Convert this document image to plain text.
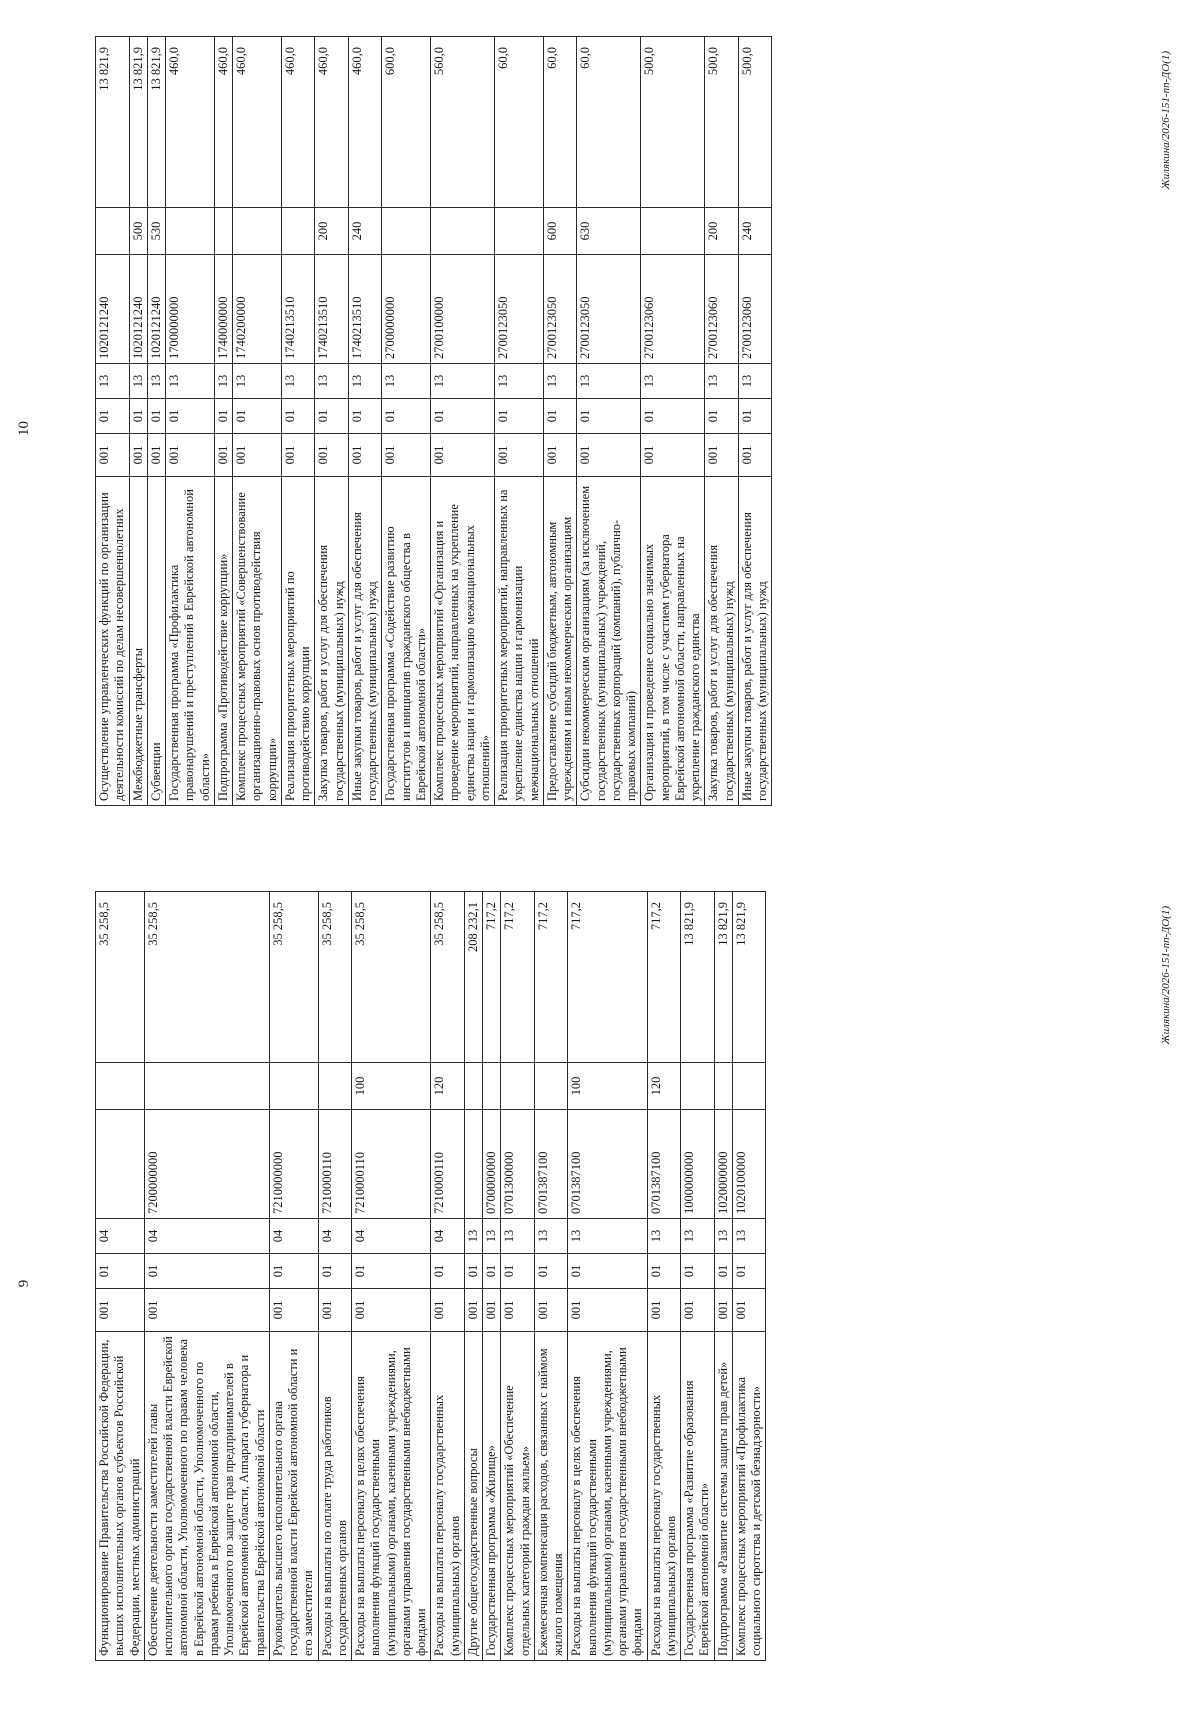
9
Функционирование Правительства Российской Федерации, высших исполнительных органов субъектов Российской Федерации, местных администраций	001	01	04			35 258,5
Обеспечение деятельности заместителей главы исполнительного органа государственной власти Еврейской автономной области, Уполномоченного по правам человека в Еврейской автономной области, Уполномоченного по правам ребенка в Еврейской автономной области, Уполномоченного по защите прав предпринимателей в Еврейской автономной области, Аппарата губернатора и правительства Еврейской автономной области	001	01	04	7200000000		35 258,5
Руководитель высшего исполнительного органа государственной власти Еврейской автономной области и его заместители	001	01	04	7210000000		35 258,5
Расходы на выплаты по оплате труда работников государственных органов	001	01	04	7210000110		35 258,5
Расходы на выплаты персоналу в целях обеспечения выполнения функций государственными (муниципальными) органами, казенными учреждениями, органами управления государственными внебюджетными фондами	001	01	04	7210000110	100	35 258,5
Расходы на выплаты персоналу государственных (муниципальных) органов	001	01	04	7210000110	120	35 258,5
Другие общегосударственные вопросы	001	01	13			208 232,1
Государственная программа «Жилище»	001	01	13	0700000000		717,2
Комплекс процессных мероприятий «Обеспечение отдельных категорий граждан жильем»	001	01	13	0701300000		717,2
Ежемесячная компенсация расходов, связанных с наймом жилого помещения	001	01	13	0701387100		717,2
Расходы на выплаты персоналу в целях обеспечения выполнения функций государственными (муниципальными) органами, казенными учреждениями, органами управления государственными внебюджетными фондами	001	01	13	0701387100	100	717,2
Расходы на выплаты персоналу государственных (муниципальных) органов	001	01	13	0701387100	120	717,2
Государственная программа «Развитие образования Еврейской автономной области»	001	01	13	1000000000		13 821,9
Подпрограмма «Развитие системы защиты прав детей»	001	01	13	1020000000		13 821,9
Комплекс процессных мероприятий «Профилактика социального сиротства и детской безнадзорности»	001	01	13	1020100000		13 821,9	Жилякина/2026-151-пп-ДО(1)
10
Осуществление управленческих функций по организации деятельности комиссий по делам несовершеннолетних	001	01	13	1020121240		13 821,9
Межбюджетные трансферты	001	01	13	1020121240	500	13 821,9
Субвенции	001	01	13	1020121240	530	13 821,9
Государственная программа «Профилактика правонарушений и преступлений в Еврейской автономной области»	001	01	13	1700000000		460,0
Подпрограмма «Противодействие коррупции»	001	01	13	1740000000		460,0
Комплекс процессных мероприятий «Совершенствование организационно-правовых основ противодействия коррупции»	001	01	13	1740200000		460,0
Реализация приоритетных мероприятий по противодействию коррупции	001	01	13	1740213510		460,0
Закупка товаров, работ и услуг для обеспечения государственных (муниципальных) нужд	001	01	13	1740213510	200	460,0
Иные закупки товаров, работ и услуг для обеспечения государственных (муниципальных) нужд	001	01	13	1740213510	240	460,0
Государственная программа «Содействие развитию институтов и инициатив гражданского общества в Еврейской автономной области»	001	01	13	2700000000		600,0
Комплекс процессных мероприятий «Организация и проведение мероприятий, направленных на укрепление единства нации и гармонизацию межнациональных отношений»	001	01	13	2700100000		560,0
Реализация приоритетных мероприятий, направленных на укрепление единства нации и гармонизации межнациональных отношений	001	01	13	2700123050		60,0
Предоставление субсидий бюджетным, автономным учреждениям и иным некоммерческим организациям	001	01	13	2700123050	600	60,0
Субсидии некоммерческим организациям (за исключением государственных (муниципальных) учреждений, государственных корпораций (компаний), публично-правовых компаний)	001	01	13	2700123050	630	60,0
Организация и проведение социально значимых мероприятий, в том числе с участием губернатора Еврейской автономной области, направленных на укрепление гражданского единства	001	01	13	2700123060		500,0
Закупка товаров, работ и услуг для обеспечения государственных (муниципальных) нужд	001	01	13	2700123060	200	500,0
Иные закупки товаров, работ и услуг для обеспечения государственных (муниципальных) нужд	001	01	13	2700123060	240	500,0	Жилякина/2026-151-пп-ДО(1)
